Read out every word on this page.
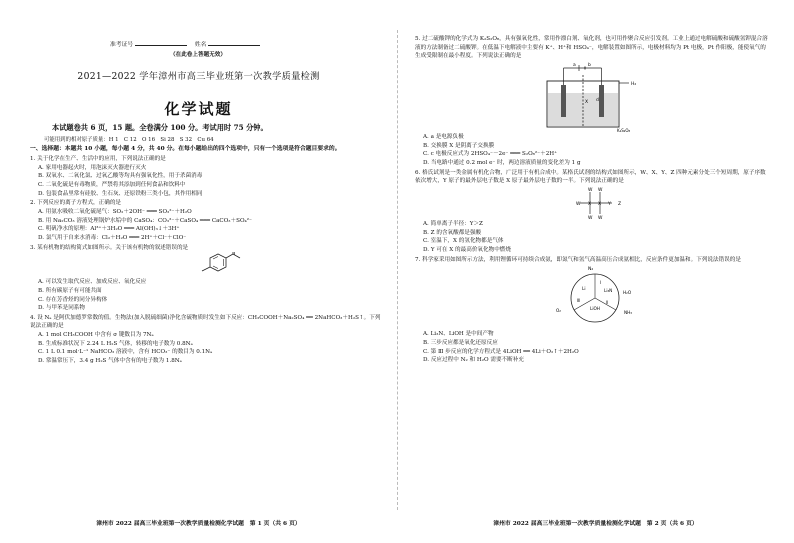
准考证号	姓名
（在此卷上答题无效）
2021—2022 学年漳州市高三毕业班第一次教学质量检测
化学试题
本试题卷共 6 页，15 题。全卷满分 100 分。考试用时 75 分钟。
可能用到的相对原子质量：H 1　C 12　O 16　Si 28　S 32　Cu 64
一、选择题：本题共 10 小题，每小题 4 分，共 40 分。在每小题给出的四个选项中，只有一个选项是符合题目要求的。
1. 关于化学在生产、生活中的应用，下列说法正确的是
A. 家用电器起火时，用泡沫灭火器进行灭火
B. 双氧水、二氧化氯、过氧乙酸等均具有强氧化性，用于杀菌消毒
C. 二氧化硫是有毒物质，严禁将其添加到任何食品和饮料中
D. 包装食品里常有硅胶、生石灰、还原铁粉三类小包，其作用相同
2. 下列反应的离子方程式，正确的是
A. 用氨水吸收二氧化硫尾气：SO₂＋2OH⁻ ═══ SO₃²⁻＋H₂O
B. 用 Na₂CO₃ 溶液处理锅炉水垢中的 CaSO₄：CO₃²⁻＋CaSO₄ ═══ CaCO₃＋SO₄²⁻
C. 明矾净水的原理：Al³⁺＋3H₂O ═══ Al(OH)₃↓＋3H⁺
D. 氯气用于自来水消毒：Cl₂＋H₂O ═══ 2H⁺＋Cl⁻＋ClO⁻
3. 某有机物的结构简式如图所示。关于该有机物的叙述错误的是
A. 可以发生取代反应、加成反应、氧化反应
B. 所有碳原子有可能共面
C. 存在芳香烃的同分异构体
D. 与甲苯是同系物
4. 设 Nₐ 是阿伏加德罗常数的值。生物法(加入脱硫细菌)净化含硫物质时发生如下反应：CH₃COOH＋Na₂SO₄ ══ 2NaHCO₃＋H₂S↑。下列说法正确的是
A. 1 mol CH₃COOH 中含有 σ 键数目为 7Nₐ
B. 生成标准状况下 2.24 L H₂S 气体，转移的电子数为 0.8Nₐ
C. 1 L 0.1 mol·L⁻¹ NaHCO₃ 溶液中，含有 HCO₃⁻ 的数目为 0.1Nₐ
D. 常温常压下，3.4 g H₂S 气体中含有的电子数为 1.8Nₐ
漳州市 2022 届高三毕业班第一次教学质量检测化学试题　第 1 页（共 6 页）
5. 过二硫酸钾的化学式为 K₂S₂O₈，具有强氧化性，常用作漂白剂、氧化剂，也可用作聚合反应引发剂。工业上通过电解硫酸和硫酸氢钾混合溶液的方法制备过二硫酸钾。在低温下电解液中主要有 K⁺、H⁺和 HSO₄⁻，电解装置如图所示，电极材料均为 Pt 电极，Pt 作阳极，能使氧气的生成受限制在最小程度。下列说法正确的是
a	b
d
X
H₂
K₂S₂O₈
A. a 是电源负极
B. 交换膜 X 是阴离子交换膜
C. c 电极反应式为 2HSO₄⁻－2e⁻ ═══ S₂O₈²⁻＋2H⁺
D. 当电路中通过 0.2 mol e⁻ 时，两边溶液质量的变化差为 1 g
6. 格氏试剂是一类金属有机化合物，广泛用于有机合成中。某格氏试剂的结构式如图所示，W、X、Y、Z 四种元素分处三个短周期，原子序数依次增大，Y 原子的最外层电子数是 X 原子最外层电子数的一半。下列说法正确的是
W
W
W
W
W
X X Y Z
A. 简单离子半径：Y＞Z
B. Z 的含氧酸都是强酸
C. 室温下，X 的氢化物都是气体
D. Y 可在 X 的最高价氧化物中燃烧
7. 科学家采用如图所示方法，利用锂循环可持续合成氨，即氮气和氢气高温高压合成氨相比，反应条件更加温和。下列说法错误的是
N₂
Li₃N
LiOH
Li
NH₃
H₂O
O₂
Ⅲ
Ⅰ
Ⅱ
A. Li₃N、LiOH 是中间产物
B. 三步反应都是氧化还原反应
C. 第 Ⅲ 步反应的化学方程式是 4LiOH ══ 4Li＋O₂↑＋2H₂O
D. 反应过程中 N₂ 和 H₂O 需要不断补充
漳州市 2022 届高三毕业班第一次教学质量检测化学试题　第 2 页（共 6 页）
